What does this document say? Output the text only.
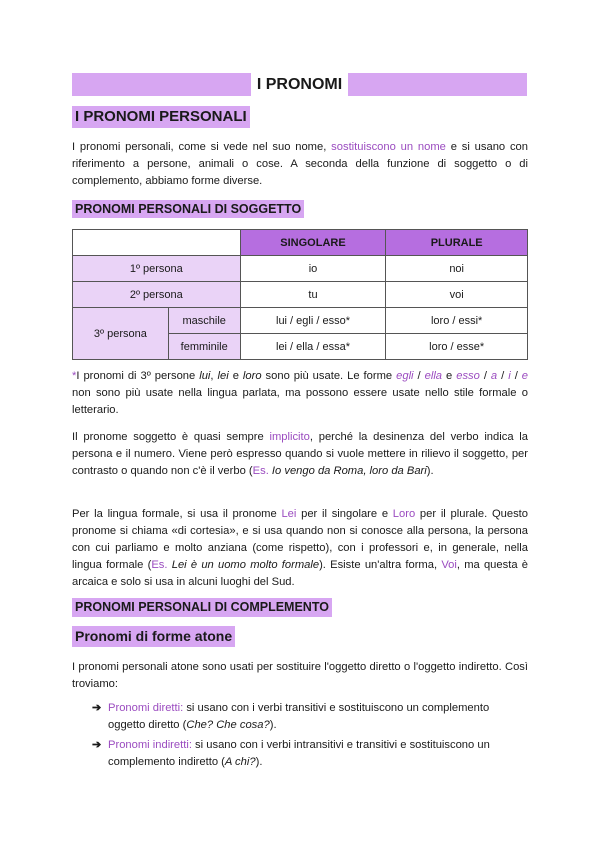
I PRONOMI
I PRONOMI PERSONALI
I pronomi personali, come si vede nel suo nome, sostituiscono un nome e si usano con riferimento a persone, animali o cose. A seconda della funzione di soggetto o di complemento, abbiamo forme diverse.
PRONOMI PERSONALI DI SOGGETTO
		SINGOLARE	PLURALE
1º persona		io	noi
2º persona		tu	voi
3º persona	maschile	lui / egli / esso*	loro / essi*
	femminile	lei / ella / essa*	loro / esse*
*I pronomi di 3º persone lui, lei e loro sono più usate. Le forme egli / ella e esso / a / i / e non sono più usate nella lingua parlata, ma possono essere usate nello stile formale o letterario.
Il pronome soggetto è quasi sempre implicito, perché la desinenza del verbo indica la persona e il numero. Viene però espresso quando si vuole mettere in rilievo il soggetto, per contrasto o quando non c'è il verbo (Es. Io vengo da Roma, loro da Bari).
Per la lingua formale, si usa il pronome Lei per il singolare e Loro per il plurale. Questo pronome si chiama «di cortesia», e si usa quando non si conosce alla persona, la persona con cui parliamo e molto anziana (come rispetto), con i professori e, in generale, nella lingua formale (Es. Lei è un uomo molto formale). Esiste un'altra forma, Voi, ma questa è arcaica e solo si usa in alcuni luoghi del Sud.
PRONOMI PERSONALI DI COMPLEMENTO
Pronomi di forme atone
I pronomi personali atone sono usati per sostituire l'oggetto diretto o l'oggetto indiretto. Così troviamo:
➔ Pronomi diretti: si usano con i verbi transitivi e sostituiscono un complemento oggetto diretto (Che? Che cosa?).
➔ Pronomi indiretti: si usano con i verbi intransitivi e transitivi e sostituiscono un complemento indiretto (A chi?).
